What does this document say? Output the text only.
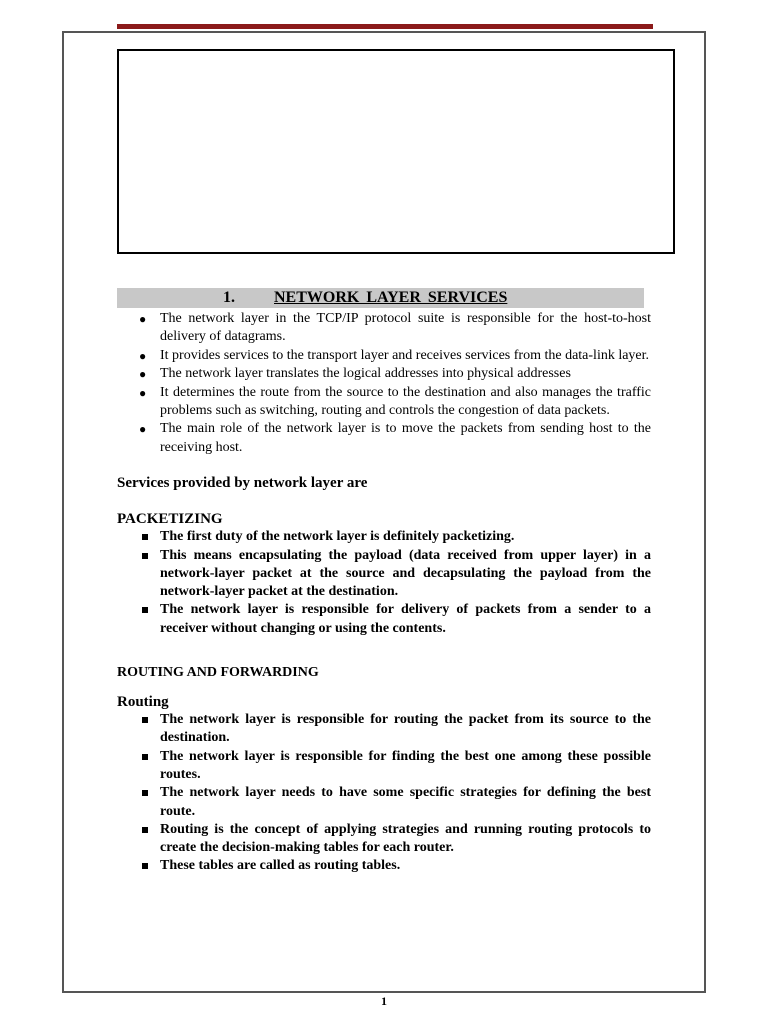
1. NETWORK LAYER SERVICES
● The network layer in the TCP/IP protocol suite is responsible for the host-to-host delivery of datagrams.
● It provides services to the transport layer and receives services from the data-link layer.
● The network layer translates the logical addresses into physical addresses
● It determines the route from the source to the destination and also manages the traffic problems such as switching, routing and controls the congestion of data packets.
● The main role of the network layer is to move the packets from sending host to the receiving host.

Services provided by network layer are

PACKETIZING

The first duty of the network layer is definitely packetizing.
This means encapsulating the payload (data received from upper layer) in a network-layer packet at the source and decapsulating the payload from the network-layer packet at the destination.
The network layer is responsible for delivery of packets from a sender to a receiver without changing or using the contents.

ROUTING AND FORWARDING

Routing

The network layer is responsible for routing the packet from its source to the destination.
The network layer is responsible for finding the best one among these possible routes.
The network layer needs to have some specific strategies for defining the best route.
Routing is the concept of applying strategies and running routing protocols to create the decision-making tables for each router.
These tables are called as routing tables.
1
